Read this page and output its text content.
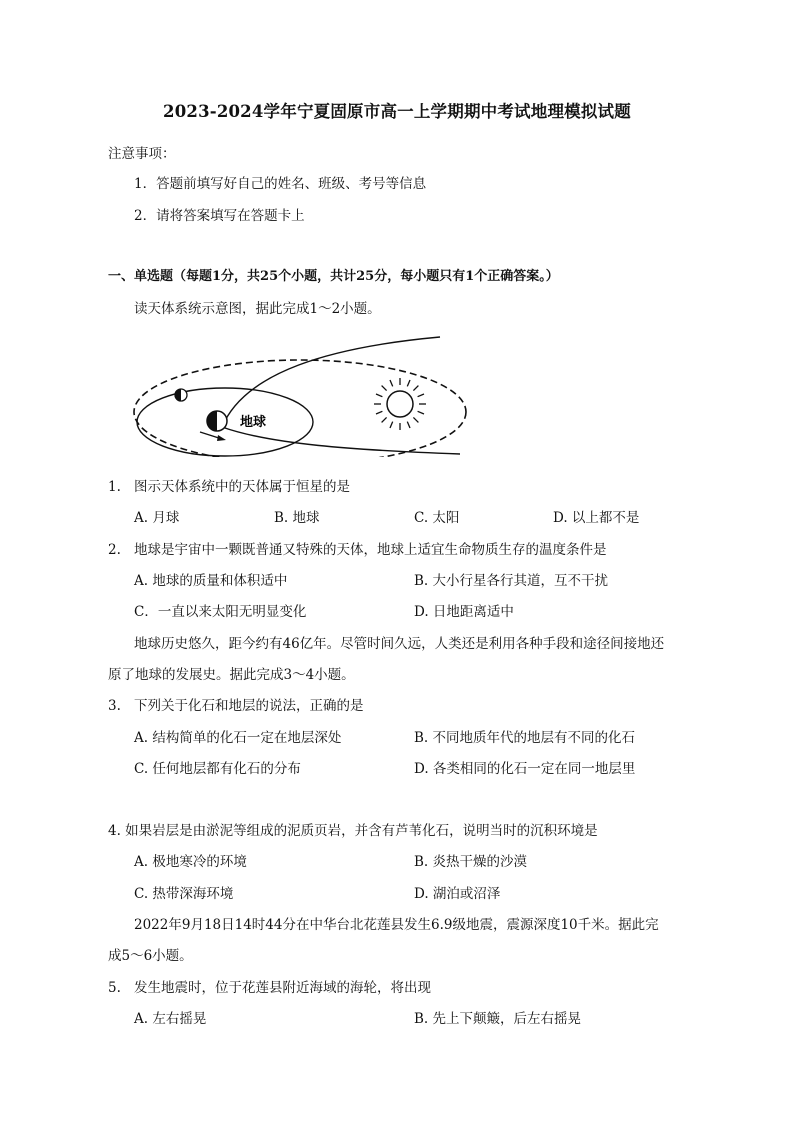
2023-2024学年宁夏固原市高一上学期期中考试地理模拟试题
注意事项：
1．答题前填写好自己的姓名、班级、考号等信息
2．请将答案填写在答题卡上
一、单选题（每题1分，共25个小题，共计25分，每小题只有1个正确答案。）
读天体系统示意图，据此完成1～2小题。
地球
1. 图示天体系统中的天体属于恒星的是
A. 月球	B. 地球	C. 太阳	D. 以上都不是
2. 地球是宇宙中一颗既普通又特殊的天体，地球上适宜生命物质生存的温度条件是
A. 地球的质量和体积适中	B. 大小行星各行其道，互不干扰
C．一直以来太阳无明显变化	D. 日地距离适中
地球历史悠久，距今约有46亿年。尽管时间久远，人类还是利用各种手段和途径间接地还
原了地球的发展史。据此完成3～4小题。
3. 下列关于化石和地层的说法，正确的是
A. 结构简单的化石一定在地层深处	B. 不同地质年代的地层有不同的化石
C. 任何地层都有化石的分布	D. 各类相同的化石一定在同一地层里
4. 如果岩层是由淤泥等组成的泥质页岩，并含有芦苇化石，说明当时的沉积环境是
A. 极地寒冷的环境	B. 炎热干燥的沙漠
C. 热带深海环境	D. 湖泊或沼泽
2022年9月18日14时44分在中华台北花莲县发生6.9级地震，震源深度10千米。据此完
成5～6小题。
5. 发生地震时，位于花莲县附近海域的海轮，将出现
A. 左右摇晃	B. 先上下颠簸，后左右摇晃
